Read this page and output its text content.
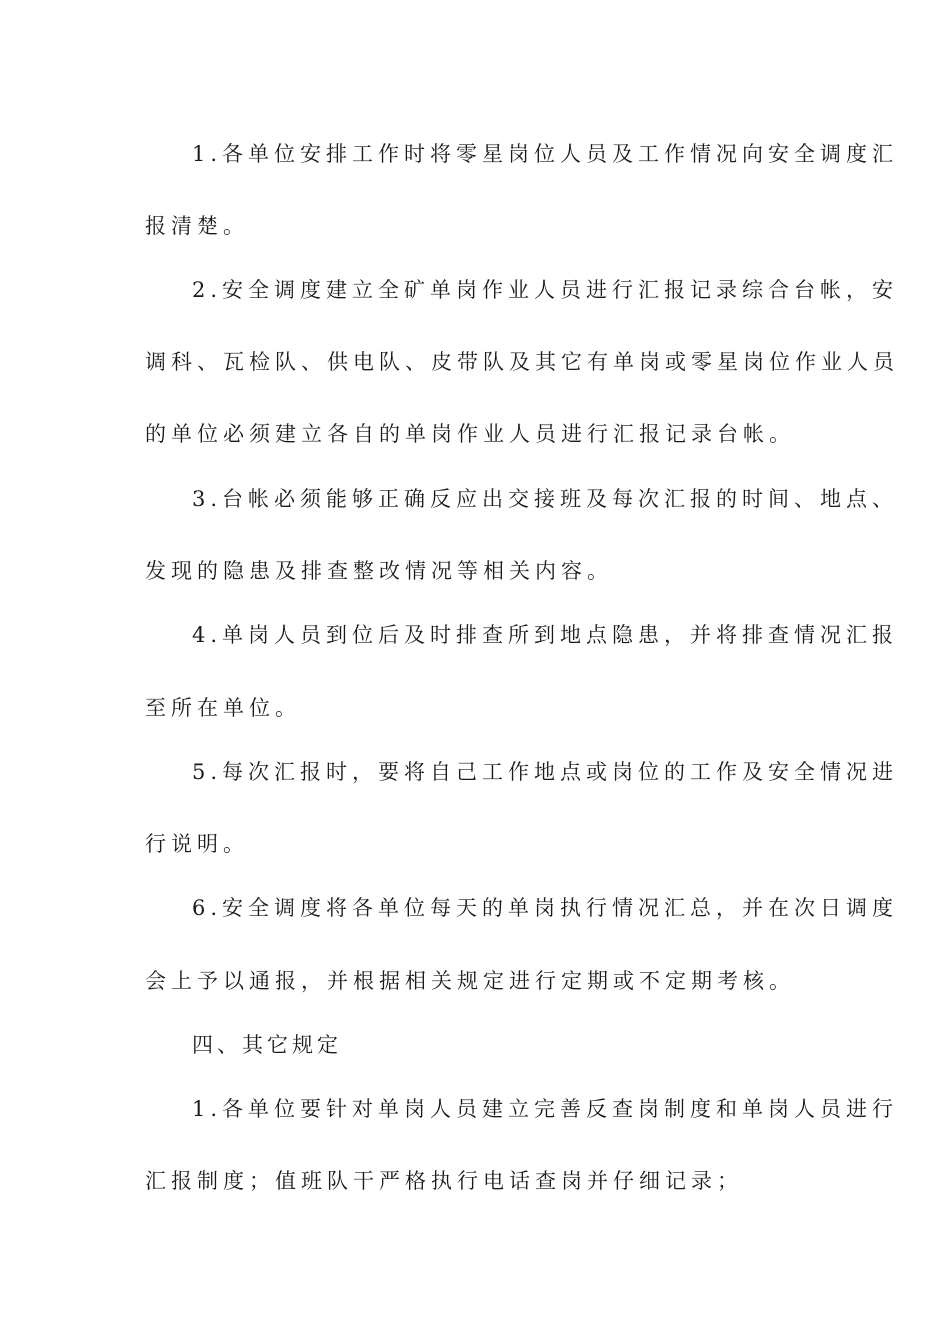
1.各单位安排工作时将零星岗位人员及工作情况向安全调度汇
报清楚。
2.安全调度建立全矿单岗作业人员进行汇报记录综合台帐，安
调科、瓦检队、供电队、皮带队及其它有单岗或零星岗位作业人员
的单位必须建立各自的单岗作业人员进行汇报记录台帐。
3.台帐必须能够正确反应出交接班及每次汇报的时间、地点、
发现的隐患及排查整改情况等相关内容。
4.单岗人员到位后及时排查所到地点隐患，并将排查情况汇报
至所在单位。
5.每次汇报时，要将自己工作地点或岗位的工作及安全情况进
行说明。
6.安全调度将各单位每天的单岗执行情况汇总，并在次日调度
会上予以通报，并根据相关规定进行定期或不定期考核。
四、其它规定
1.各单位要针对单岗人员建立完善反查岗制度和单岗人员进行
汇报制度；值班队干严格执行电话查岗并仔细记录；
